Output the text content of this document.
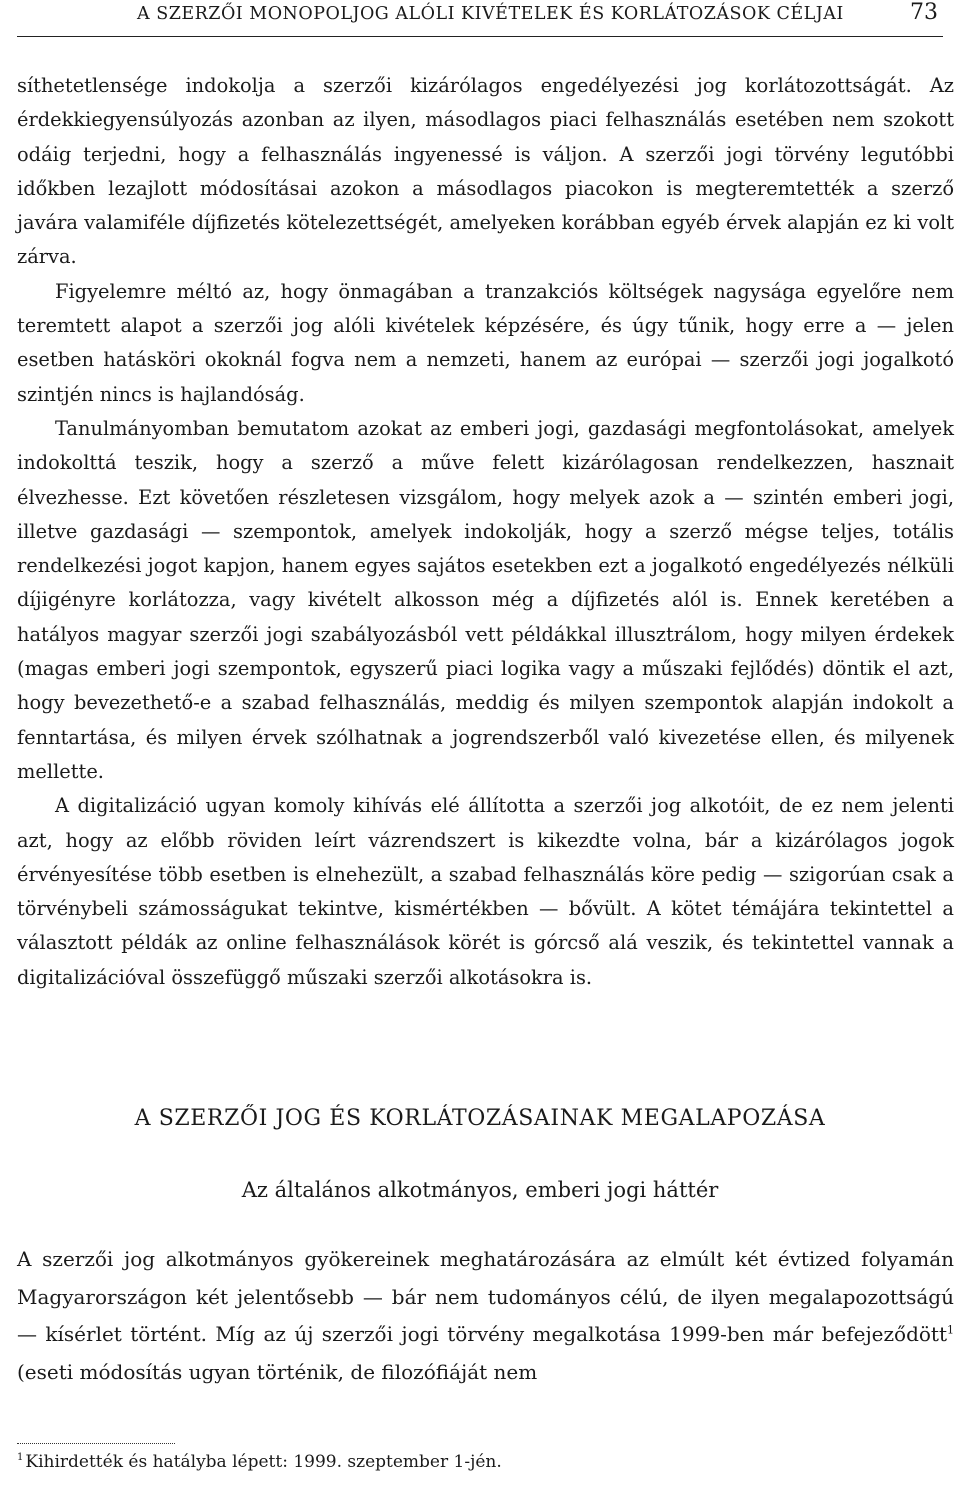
A SZERZŐI MONOPOLJOG ALÓLI KIVÉTELEK ÉS KORLÁTOZÁSOK CÉLJAI	73

síthetetlensége indokolja a szerzői kizárólagos engedélyezési jog korlátozottságát. Az érdekkiegyensúlyozás azonban az ilyen, másodlagos piaci felhasználás esetében nem szokott odáig terjedni, hogy a felhasználás ingyenessé is váljon. A szerzői jogi törvény legutóbbi időkben lezajlott módosításai azokon a másodlagos piacokon is megteremtették a szerző javára valamiféle díjfizetés kötelezettségét, amelyeken korábban egyéb érvek alapján ez ki volt zárva.

Figyelemre méltó az, hogy önmagában a tranzakciós költségek nagysága egyelőre nem teremtett alapot a szerzői jog alóli kivételek képzésére, és úgy tűnik, hogy erre a — jelen esetben hatásköri okoknál fogva nem a nemzeti, hanem az európai — szerzői jogi jogalkotó szintjén nincs is hajlandóság.

Tanulmányomban bemutatom azokat az emberi jogi, gazdasági megfontolásokat, amelyek indokolttá teszik, hogy a szerző a műve felett kizárólagosan rendelkezzen, hasznait élvezhesse. Ezt követően részletesen vizsgálom, hogy melyek azok a — szintén emberi jogi, illetve gazdasági — szempontok, amelyek indokolják, hogy a szerző mégse teljes, totális rendelkezési jogot kapjon, hanem egyes sajátos esetekben ezt a jogalkotó engedélyezés nélküli díjigényre korlátozza, vagy kivételt alkosson még a díjfizetés alól is. Ennek keretében a hatályos magyar szerzői jogi szabályozásból vett példákkal illusztrálom, hogy milyen érdekek (magas emberi jogi szempontok, egyszerű piaci logika vagy a műszaki fejlődés) döntik el azt, hogy bevezethető-e a szabad felhasználás, meddig és milyen szempontok alapján indokolt a fenntartása, és milyen érvek szólhatnak a jogrendszerből való kivezetése ellen, és milyenek mellette.

A digitalizáció ugyan komoly kihívás elé állította a szerzői jog alkotóit, de ez nem jelenti azt, hogy az előbb röviden leírt vázrendszert is kikezdte volna, bár a kizárólagos jogok érvényesítése több esetben is elnehezült, a szabad felhasználás köre pedig — szigorúan csak a törvénybeli számosságukat tekintve, kismértékben — bővült. A kötet témájára tekintettel a választott példák az online felhasználások körét is górcső alá veszik, és tekintettel vannak a digitalizációval összefüggő műszaki szerzői alkotásokra is.

A SZERZŐI JOG ÉS KORLÁTOZÁSAINAK MEGALAPOZÁSA
Az általános alkotmányos, emberi jogi háttér

A szerzői jog alkotmányos gyökereinek meghatározására az elmúlt két évtized folyamán Magyarországon két jelentősebb — bár nem tudományos célú, de ilyen megalapozottságú — kísérlet történt. Míg az új szerzői jogi törvény megalkotása 1999-ben már befejeződött$^1$ (eseti módosítás ugyan történik, de filozófiáját nem

$^1$ Kihirdették és hatályba lépett: 1999. szeptember 1-jén.
